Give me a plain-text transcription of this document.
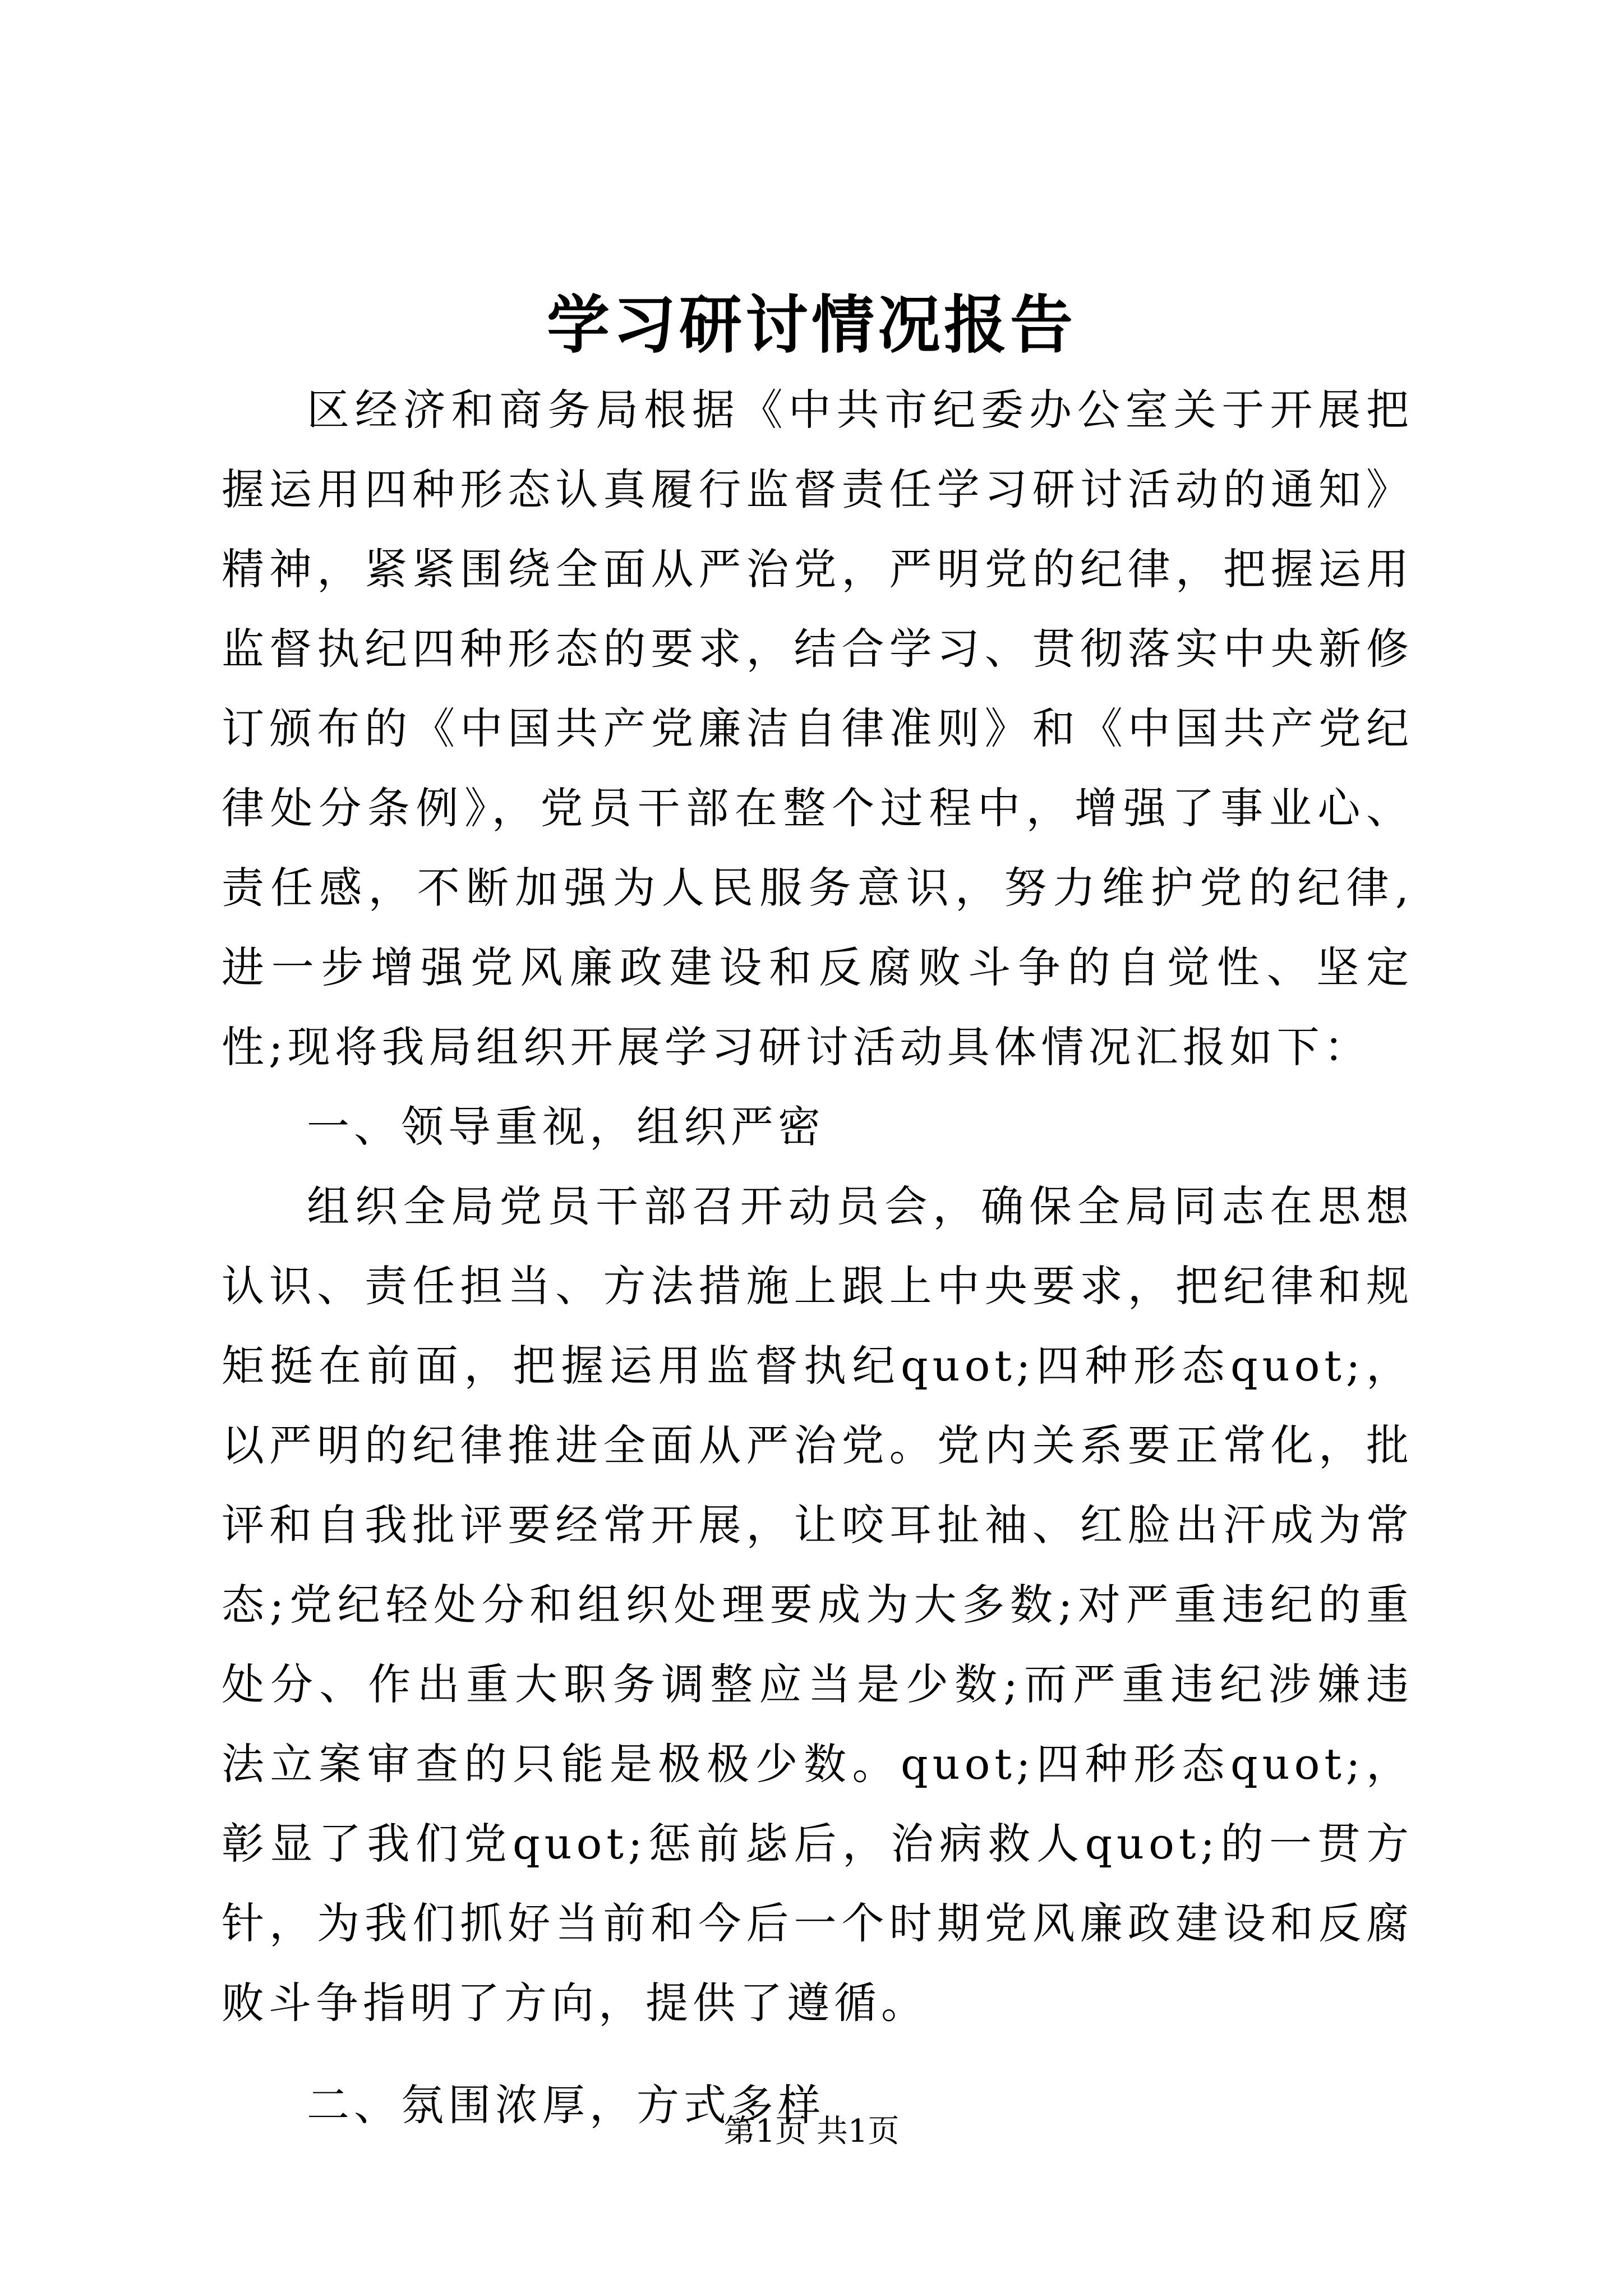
学习研讨情况报告

区经济和商务局根据《中共市纪委办公室关于开展把握运用四种形态认真履行监督责任学习研讨活动的通知》精神，紧紧围绕全面从严治党，严明党的纪律，把握运用监督执纪四种形态的要求，结合学习、贯彻落实中央新修订颁布的《中国共产党廉洁自律准则》和《中国共产党纪律处分条例》，党员干部在整个过程中，增强了事业心、责任感，不断加强为人民服务意识，努力维护党的纪律,进一步增强党风廉政建设和反腐败斗争的自觉性、坚定性;现将我局组织开展学习研讨活动具体情况汇报如下：

一、领导重视，组织严密

组织全局党员干部召开动员会，确保全局同志在思想认识、责任担当、方法措施上跟上中央要求，把纪律和规矩挺在前面，把握运用监督执纪quot;四种形态quot;，以严明的纪律推进全面从严治党。党内关系要正常化，批评和自我批评要经常开展，让咬耳扯袖、红脸出汗成为常态;党纪轻处分和组织处理要成为大多数;对严重违纪的重处分、作出重大职务调整应当是少数;而严重违纪涉嫌违法立案审查的只能是极极少数。quot;四种形态quot;，彰显了我们党quot;惩前毖后，治病救人quot;的一贯方针，为我们抓好当前和今后一个时期党风廉政建设和反腐败斗争指明了方向，提供了遵循。

二、氛围浓厚，方式多样

第1页 共1页
